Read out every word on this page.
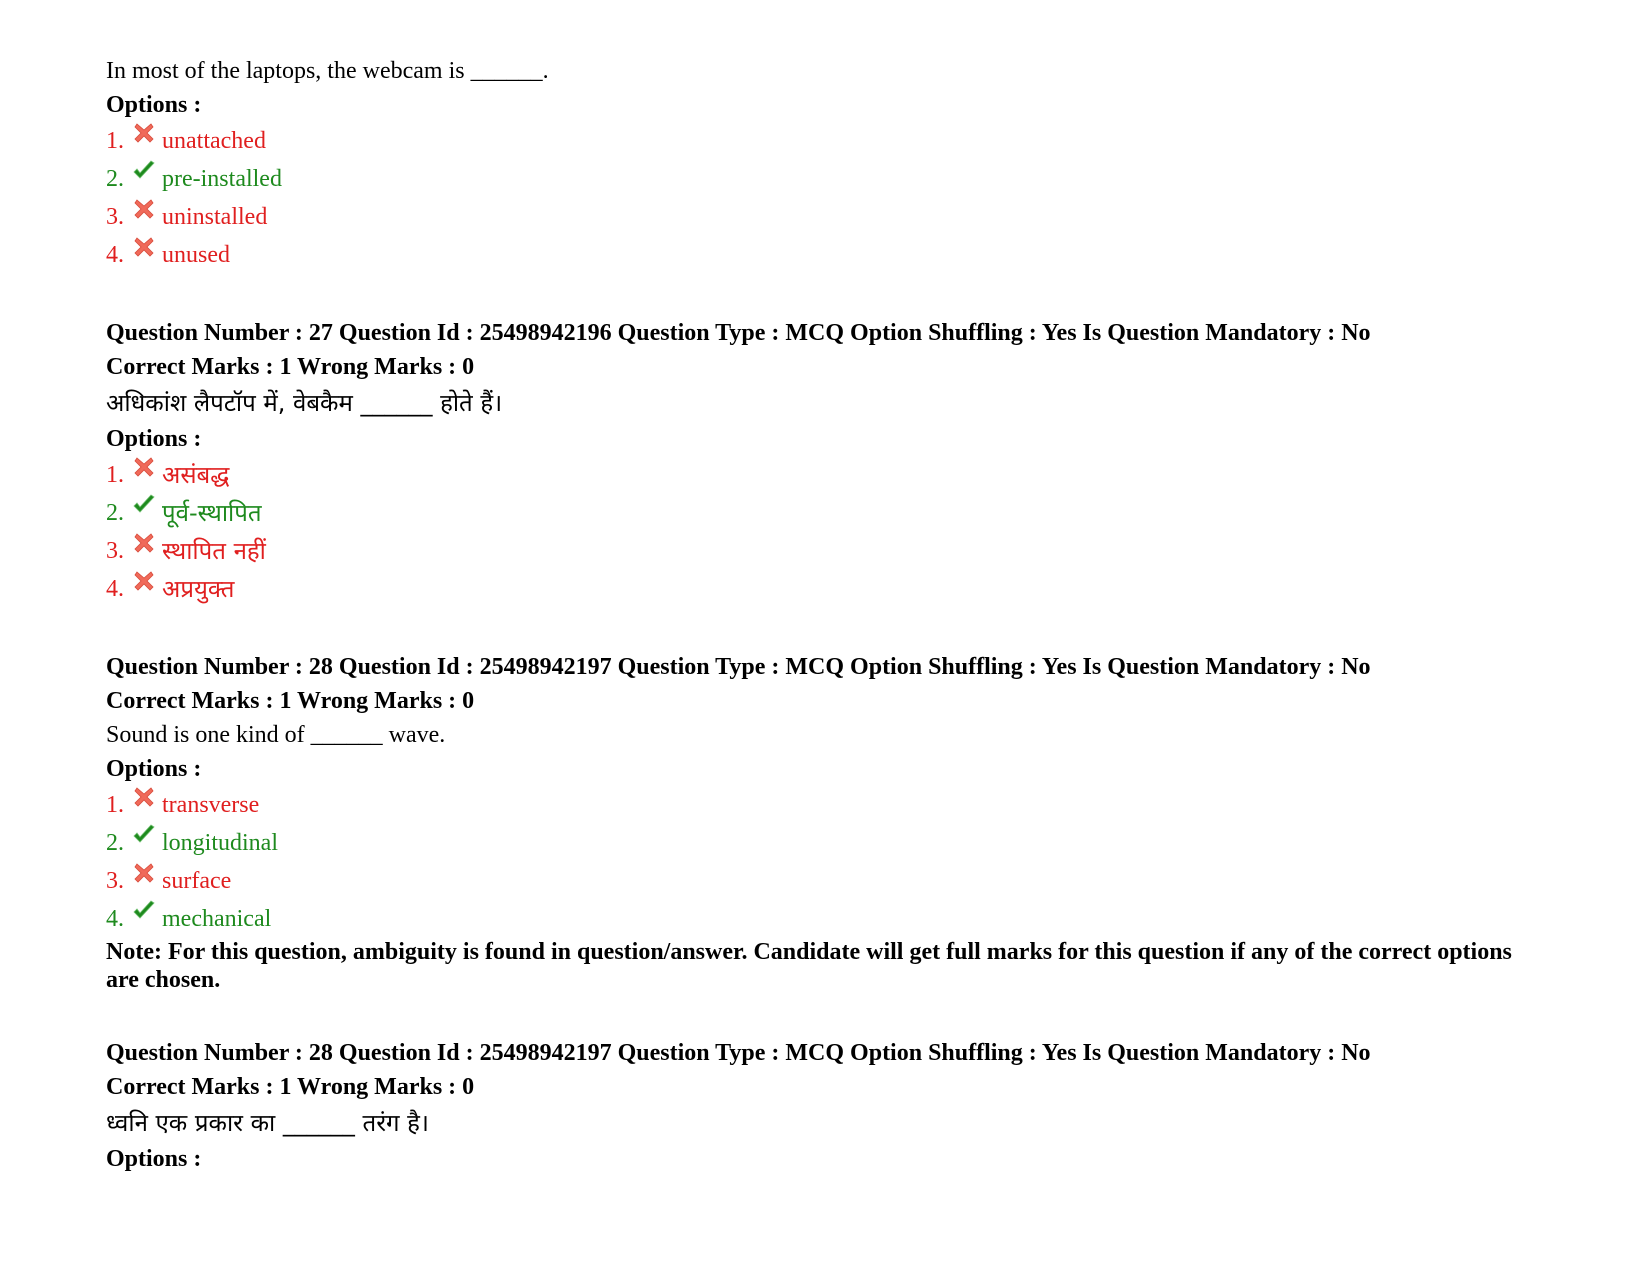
In most of the laptops, the webcam is ______.
Options :
1.	unattached
2.	pre-installed
3.	uninstalled
4.	unused
Question Number : 27 Question Id : 25498942196 Question Type : MCQ Option Shuffling : Yes Is Question Mandatory : No
Correct Marks : 1 Wrong Marks : 0
अधिकांश लैपटॉप में, वेबकैम ______ होते हैं।
Options :
1.	असंबद्ध
2.	पूर्व-स्थापित
3.	स्थापित नहीं
4.	अप्रयुक्त
Question Number : 28 Question Id : 25498942197 Question Type : MCQ Option Shuffling : Yes Is Question Mandatory : No
Correct Marks : 1 Wrong Marks : 0
Sound is one kind of ______ wave.
Options :
1.	transverse
2.	longitudinal
3.	surface
4.	mechanical
Note: For this question, ambiguity is found in question/answer. Candidate will get full marks for this question if any of the correct options are chosen.
Question Number : 28 Question Id : 25498942197 Question Type : MCQ Option Shuffling : Yes Is Question Mandatory : No
Correct Marks : 1 Wrong Marks : 0
ध्वनि एक प्रकार का ______ तरंग है।
Options :
